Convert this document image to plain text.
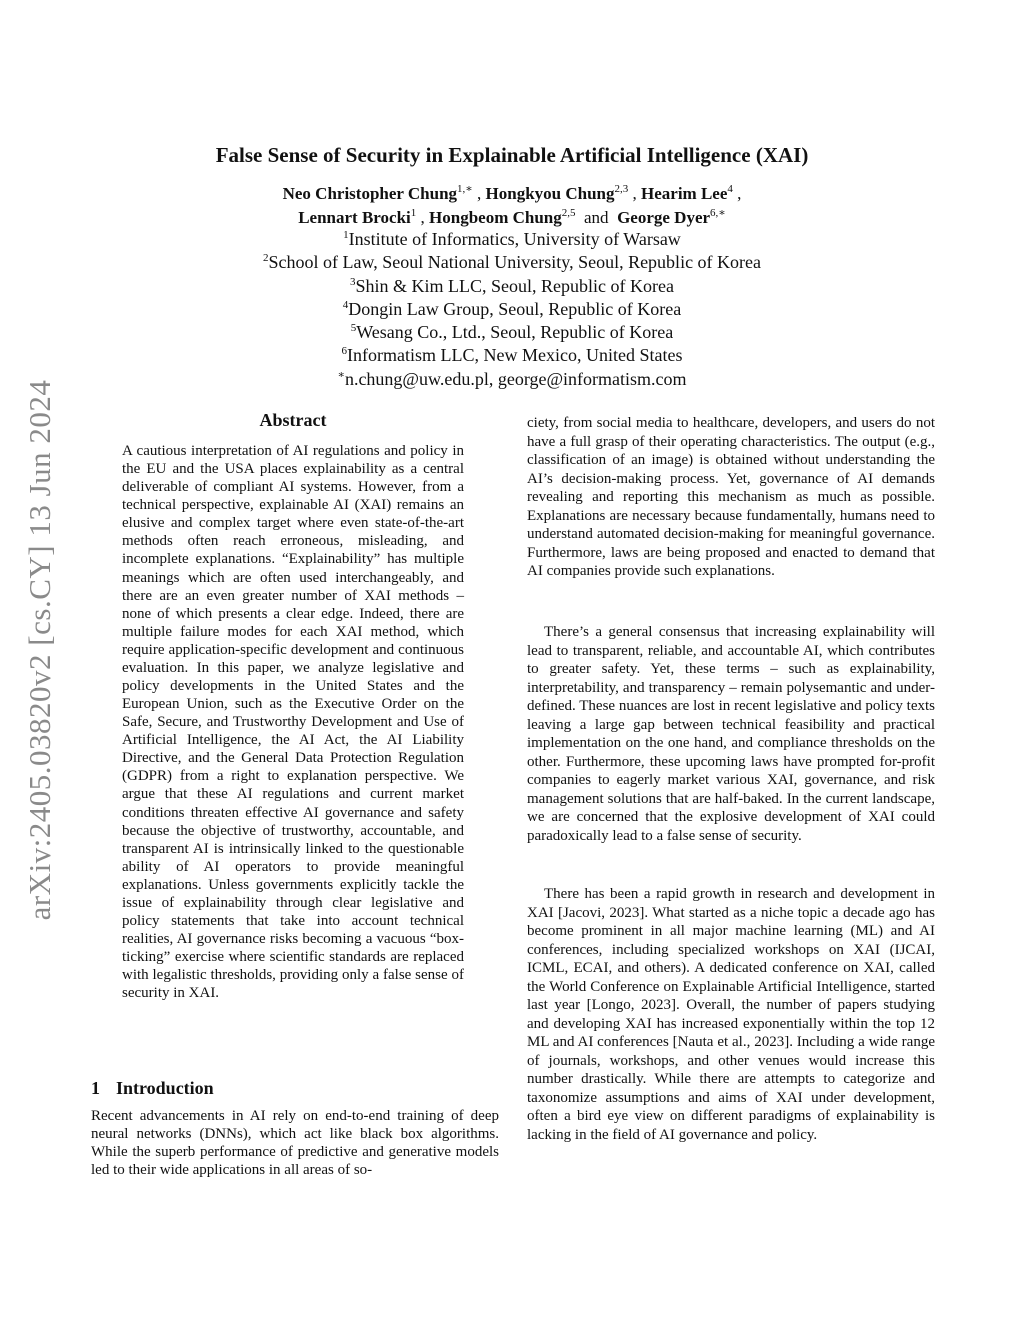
arXiv:2405.03820v2 [cs.CY] 13 Jun 2024
False Sense of Security in Explainable Artificial Intelligence (XAI)
Neo Christopher Chung$^{1,∗}$ , Hongkyou Chung$^{2,3}$ , Hearim Lee$^4$ ,
Lennart Brocki$^1$ , Hongbeom Chung$^{2,5}$ and George Dyer$^{6,∗}$
$^1$Institute of Informatics, University of Warsaw
$^2$School of Law, Seoul National University, Seoul, Republic of Korea
$^3$Shin & Kim LLC, Seoul, Republic of Korea
$^4$Dongin Law Group, Seoul, Republic of Korea
$^5$Wesang Co., Ltd., Seoul, Republic of Korea
$^6$Informatism LLC, New Mexico, United States
∗n.chung@uw.edu.pl, george@informatism.com
Abstract
A cautious interpretation of AI regulations and policy in the EU and the USA places explainability as a central deliverable of compliant AI systems. However, from a technical perspective, explainable AI (XAI) remains an elusive and complex target where even state-of-the-art methods often reach erroneous, misleading, and incomplete explanations. “Explainability” has multiple meanings which are often used interchangeably, and there are an even greater number of XAI methods – none of which presents a clear edge. Indeed, there are multiple failure modes for each XAI method, which require application-specific development and continuous evaluation. In this paper, we analyze legislative and policy developments in the United States and the European Union, such as the Executive Order on the Safe, Secure, and Trustworthy Development and Use of Artificial Intelligence, the AI Act, the AI Liability Directive, and the General Data Protection Regulation (GDPR) from a right to explanation perspective. We argue that these AI regulations and current market conditions threaten effective AI governance and safety because the objective of trustworthy, accountable, and transparent AI is intrinsically linked to the questionable ability of AI operators to provide meaningful explanations. Unless governments explicitly tackle the issue of explainability through clear legislative and policy statements that take into account technical realities, AI governance risks becoming a vacuous “box-ticking” exercise where scientific standards are replaced with legalistic thresholds, providing only a false sense of security in XAI.
1 Introduction
Recent advancements in AI rely on end-to-end training of deep neural networks (DNNs), which act like black box algorithms. While the superb performance of predictive and generative models led to their wide applications in all areas of so-
ciety, from social media to healthcare, developers, and users do not have a full grasp of their operating characteristics. The output (e.g., classification of an image) is obtained without understanding the AI’s decision-making process. Yet, governance of AI demands revealing and reporting this mechanism as much as possible. Explanations are necessary because fundamentally, humans need to understand automated decision-making for meaningful governance. Furthermore, laws are being proposed and enacted to demand that AI companies provide such explanations.
There’s a general consensus that increasing explainability will lead to transparent, reliable, and accountable AI, which contributes to greater safety. Yet, these terms – such as explainability, interpretability, and transparency – remain polysemantic and under-defined. These nuances are lost in recent legislative and policy texts leaving a large gap between technical feasibility and practical implementation on the one hand, and compliance thresholds on the other. Furthermore, these upcoming laws have prompted for-profit companies to eagerly market various XAI, governance, and risk management solutions that are half-baked. In the current landscape, we are concerned that the explosive development of XAI could paradoxically lead to a false sense of security.
There has been a rapid growth in research and development in XAI [Jacovi, 2023]. What started as a niche topic a decade ago has become prominent in all major machine learning (ML) and AI conferences, including specialized workshops on XAI (IJCAI, ICML, ECAI, and others). A dedicated conference on XAI, called the World Conference on Explainable Artificial Intelligence, started last year [Longo, 2023]. Overall, the number of papers studying and developing XAI has increased exponentially within the top 12 ML and AI conferences [Nauta et al., 2023]. Including a wide range of journals, workshops, and other venues would increase this number drastically. While there are attempts to categorize and taxonomize assumptions and aims of XAI under development, often a bird eye view on different paradigms of explainability is lacking in the field of AI governance and policy.
